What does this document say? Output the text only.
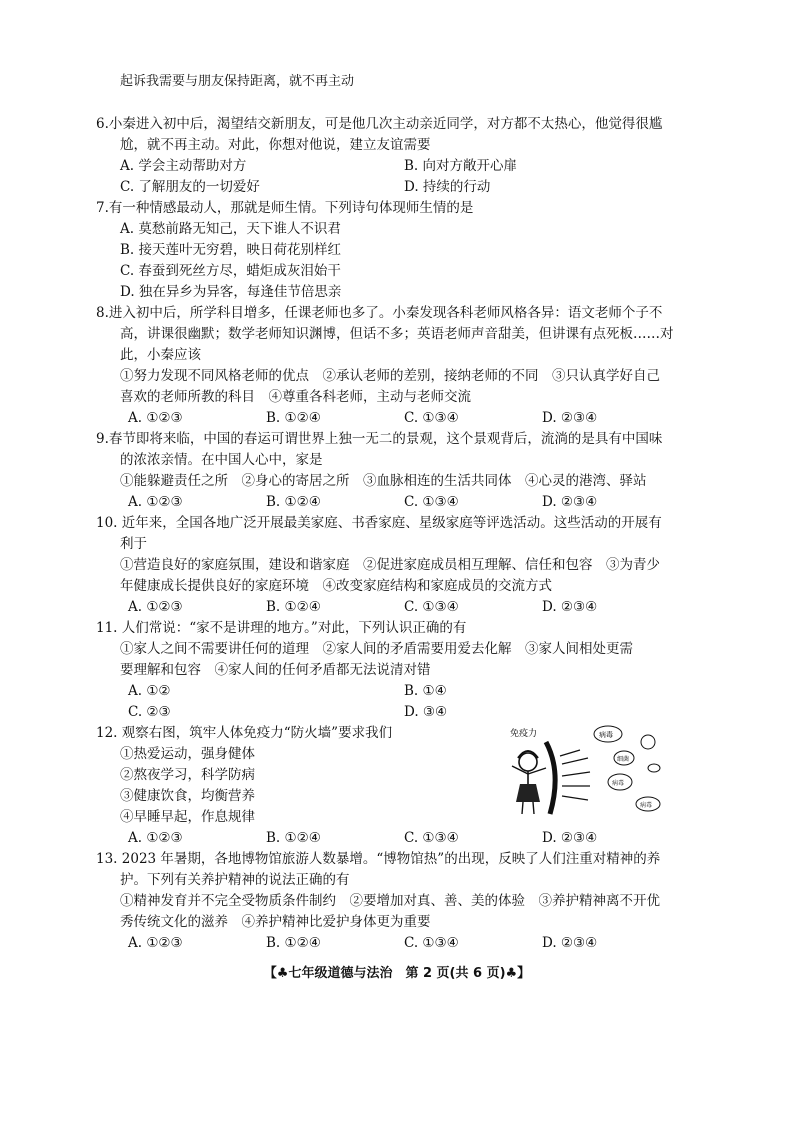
起诉我需要与朋友保持距离，就不再主动
6.小秦进入初中后，渴望结交新朋友，可是他几次主动亲近同学，对方都不太热心，他觉得很尴
尬，就不再主动。对此，你想对他说，建立友谊需要
A. 学会主动帮助对方	B. 向对方敞开心扉
C. 了解朋友的一切爱好	D. 持续的行动
7.有一种情感最动人，那就是师生情。下列诗句体现师生情的是
A. 莫愁前路无知己，天下谁人不识君
B. 接天莲叶无穷碧，映日荷花别样红
C. 春蚕到死丝方尽，蜡炬成灰泪始干
D. 独在异乡为异客，每逢佳节倍思亲
8.进入初中后，所学科目增多，任课老师也多了。小秦发现各科老师风格各异：语文老师个子不
高，讲课很幽默；数学老师知识渊博，但话不多；英语老师声音甜美，但讲课有点死板……对
此，小秦应该
①努力发现不同风格老师的优点　②承认老师的差别，接纳老师的不同　③只认真学好自己
喜欢的老师所教的科目　④尊重各科老师，主动与老师交流
A. ①②③	B. ①②④	C. ①③④	D. ②③④
9.春节即将来临，中国的春运可谓世界上独一无二的景观，这个景观背后，流淌的是具有中国味
的浓浓亲情。在中国人心中，家是
①能躲避责任之所　②身心的寄居之所　③血脉相连的生活共同体　④心灵的港湾、驿站
A. ①②③	B. ①②④	C. ①③④	D. ②③④
10. 近年来，全国各地广泛开展最美家庭、书香家庭、星级家庭等评选活动。这些活动的开展有
利于
①营造良好的家庭氛围，建设和谐家庭　②促进家庭成员相互理解、信任和包容　③为青少
年健康成长提供良好的家庭环境　④改变家庭结构和家庭成员的交流方式
A. ①②③	B. ①②④	C. ①③④	D. ②③④
11. 人们常说：“家不是讲理的地方。”对此，下列认识正确的有
①家人之间不需要讲任何的道理　②家人间的矛盾需要用爱去化解　③家人间相处更需
要理解和包容　④家人间的任何矛盾都无法说清对错
A. ①②	B. ①④
C. ②③	D. ③④
12. 观察右图，筑牢人体免疫力“防火墙”要求我们
①热爱运动，强身健体
②熬夜学习，科学防病
③健康饮食，均衡营养
④早睡早起，作息规律
A. ①②③	B. ①②④	C. ①③④	D. ②③④
免疫力	病毒
细菌
病毒
病毒
13. 2023 年暑期，各地博物馆旅游人数暴增。“博物馆热”的出现，反映了人们注重对精神的养
护。下列有关养护精神的说法正确的有
①精神发育并不完全受物质条件制约　②要增加对真、善、美的体验　③养护精神离不开优
秀传统文化的滋养　④养护精神比爱护身体更为重要
A. ①②③	B. ①②④	C. ①③④	D. ②③④
【♣七年级道德与法治　第 2 页(共 6 页)♣】
